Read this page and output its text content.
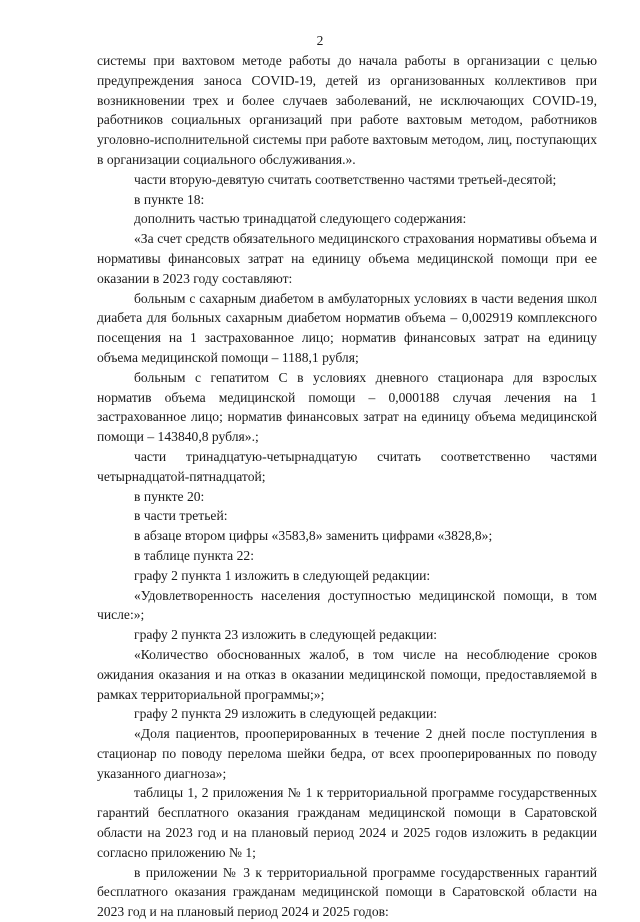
2

системы при вахтовом методе работы до начала работы в организации с целью предупреждения заноса COVID-19, детей из организованных коллективов при возникновении трех и более случаев заболеваний, не исключающих COVID-19, работников социальных организаций при работе вахтовым методом, работников уголовно-исполнительной системы при работе вахтовым методом, лиц, поступающих в организации социального обслуживания.».

части вторую-девятую считать соответственно частями третьей-десятой;

в пункте 18:

дополнить частью тринадцатой следующего содержания:

«За счет средств обязательного медицинского страхования нормативы объема и нормативы финансовых затрат на единицу объема медицинской помощи при ее оказании в 2023 году составляют:

больным с сахарным диабетом в амбулаторных условиях в части ведения школ диабета для больных сахарным диабетом норматив объема – 0,002919 комплексного посещения на 1 застрахованное лицо; норматив финансовых затрат на единицу объема медицинской помощи – 1188,1 рубля;

больным с гепатитом С в условиях дневного стационара для взрослых норматив объема медицинской помощи – 0,000188 случая лечения на 1 застрахованное лицо; норматив финансовых затрат на единицу объема медицинской помощи – 143840,8 рубля».;

части тринадцатую-четырнадцатую считать соответственно частями четырнадцатой-пятнадцатой;

в пункте 20:

в части третьей:

в абзаце втором цифры «3583,8» заменить цифрами «3828,8»;

в таблице пункта 22:

графу 2 пункта 1 изложить в следующей редакции:

«Удовлетворенность населения доступностью медицинской помощи, в том числе:»;

графу 2 пункта 23 изложить в следующей редакции:

«Количество обоснованных жалоб, в том числе на несоблюдение сроков ожидания оказания и на отказ в оказании медицинской помощи, предоставляемой в рамках территориальной программы;»;

графу 2 пункта 29 изложить в следующей редакции:

«Доля пациентов, прооперированных в течение 2 дней после поступления в стационар по поводу перелома шейки бедра, от всех прооперированных по поводу указанного диагноза»;

таблицы 1, 2 приложения № 1 к территориальной программе государственных гарантий бесплатного оказания гражданам медицинской помощи в Саратовской области на 2023 год и на плановый период 2024 и 2025 годов изложить в редакции согласно приложению № 1;

в приложении № 3 к территориальной программе государственных гарантий бесплатного оказания гражданам медицинской помощи в Саратовской области на 2023 год и на плановый период 2024 и 2025 годов:
